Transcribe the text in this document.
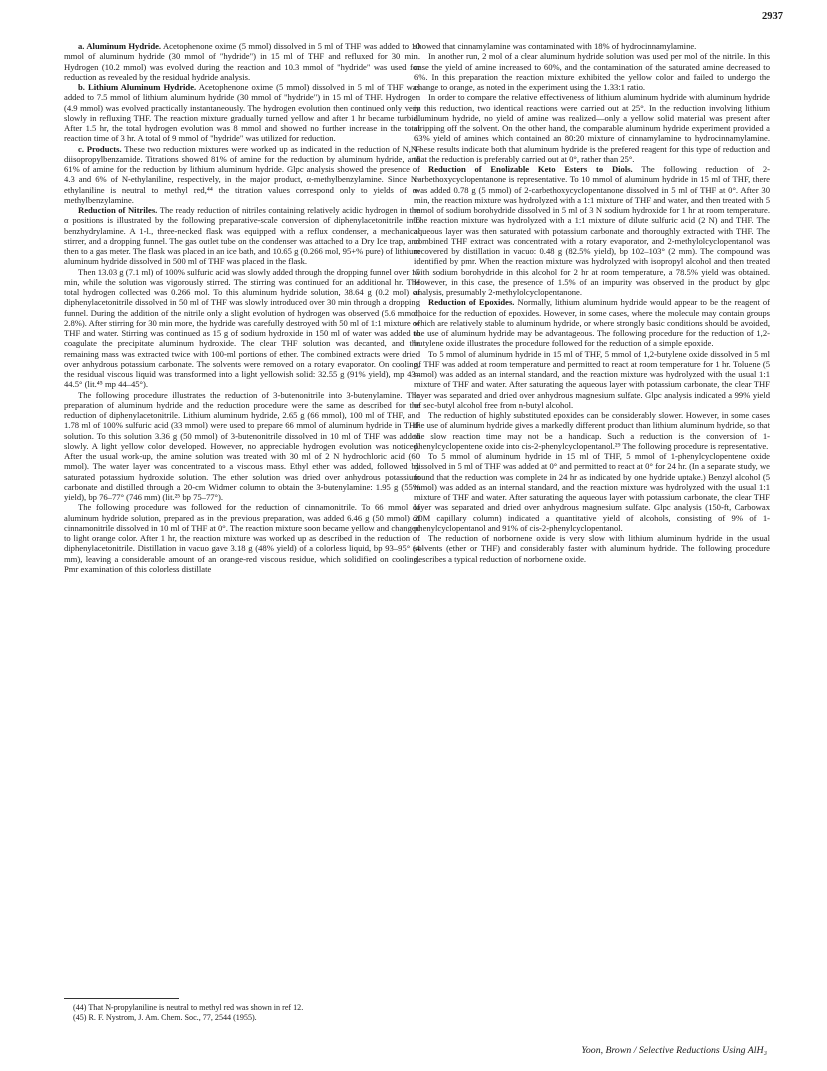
2937

a. Aluminum Hydride. Acetophenone oxime (5 mmol) dissolved in 5 ml of THF was added to 10 mmol of aluminum hydride (30 mmol of "hydride") in 15 ml of THF and refluxed for 30 min. Hydrogen (10.2 mmol) was evolved during the reaction and 10.3 mmol of "hydride" was used for reduction as revealed by the residual hydride analysis.

b. Lithium Aluminum Hydride. Acetophenone oxime (5 mmol) dissolved in 5 ml of THF was added to 7.5 mmol of lithium aluminum hydride (30 mmol of "hydride") in 15 ml of THF. Hydrogen (4.9 mmol) was evolved practically instantaneously. The hydrogen evolution then continued only very slowly in refluxing THF. The reaction mixture gradually turned yellow and after 1 hr became turbid. After 1.5 hr, the total hydrogen evolution was 8 mmol and showed no further increase in the total reaction time of 3 hr. A total of 9 mmol of "hydride" was utilized for reduction.

c. Products. These two reduction mixtures were worked up as indicated in the reduction of N,N-diisopropylbenzamide. Titrations showed 81% of amine for the reduction by aluminum hydride, and 61% of amine for the reduction by lithium aluminum hydride. Glpc analysis showed the presence of 4.3 and 6% of N-ethylaniline, respectively, in the major product, α-methylbenzylamine. Since N-ethylaniline is neutral to methyl red,⁴⁴ the titration values correspond only to yields of α-methylbenzylamine.

Reduction of Nitriles. The ready reduction of nitriles containing relatively acidic hydrogen in the α positions is illustrated by the following preparative-scale conversion of diphenylacetonitrile into benzhydrylamine. A 1-l., three-necked flask was equipped with a reflux condenser, a mechanical stirrer, and a dropping funnel. The gas outlet tube on the condenser was attached to a Dry Ice trap, and then to a gas meter. The flask was placed in an ice bath, and 10.65 g (0.266 mol, 95+% pure) of lithium aluminum hydride dissolved in 500 ml of THF was placed in the flask.

Then 13.03 g (7.1 ml) of 100% sulfuric acid was slowly added through the dropping funnel over 15 min, while the solution was vigorously stirred. The stirring was continued for an additional hr. The total hydrogen collected was 0.266 mol. To this aluminum hydride solution, 38.64 g (0.2 mol) of diphenylacetonitrile dissolved in 50 ml of THF was slowly introduced over 30 min through a dropping funnel. During the addition of the nitrile only a slight evolution of hydrogen was observed (5.6 mmol, 2.8%). After stirring for 30 min more, the hydride was carefully destroyed with 50 ml of 1:1 mixture of THF and water. Stirring was continued as 15 g of sodium hydroxide in 150 ml of water was added to coagulate the precipitate aluminum hydroxide. The clear THF solution was decanted, and the remaining mass was extracted twice with 100-ml portions of ether. The combined extracts were dried over anhydrous potassium carbonate. The solvents were removed on a rotary evaporator. On cooling, the residual viscous liquid was transformed into a light yellowish solid: 32.55 g (91% yield), mp 43–44.5° (lit.⁴⁵ mp 44–45°).

The following procedure illustrates the reduction of 3-butenonitrile into 3-butenylamine. The preparation of aluminum hydride and the reduction procedure were the same as described for the reduction of diphenylacetonitrile. Lithium aluminum hydride, 2.65 g (66 mmol), 100 ml of THF, and 1.78 ml of 100% sulfuric acid (33 mmol) were used to prepare 66 mmol of aluminum hydride in THF solution. To this solution 3.36 g (50 mmol) of 3-butenonitrile dissolved in 10 ml of THF was added slowly. A light yellow color developed. However, no appreciable hydrogen evolution was noticed. After the usual work-up, the amine solution was treated with 30 ml of 2 N hydrochloric acid (60 mmol). The water layer was concentrated to a viscous mass. Ethyl ether was added, followed by saturated potassium hydroxide solution. The ether solution was dried over anhydrous potassium carbonate and distilled through a 20-cm Widmer column to obtain the 3-butenylamine: 1.95 g (55% yield), bp 76–77° (746 mm) (lit.²⁵ bp 75–77°).

The following procedure was followed for the reduction of cinnamonitrile. To 66 mmol of aluminum hydride solution, prepared as in the previous preparation, was added 6.46 g (50 mmol) of cinnamonitrile dissolved in 10 ml of THF at 0°. The reaction mixture soon became yellow and changed to light orange color. After 1 hr, the reaction mixture was worked up as described in the reduction of diphenylacetonitrile. Distillation in vacuo gave 3.18 g (48% yield) of a colorless liquid, bp 93–95° (4 mm), leaving a considerable amount of an orange-red viscous residue, which solidified on cooling. Pmr examination of this colorless distillate

showed that cinnamylamine was contaminated with 18% of hydrocinnamylamine.

In another run, 2 mol of a clear aluminum hydride solution was used per mol of the nitrile. In this case the yield of amine increased to 60%, and the contamination of the saturated amine decreased to 6%. In this preparation the reaction mixture exhibited the yellow color and failed to undergo the change to orange, as noted in the experiment using the 1.33:1 ratio.

In order to compare the relative effectiveness of lithium aluminum hydride with aluminum hydride in this reduction, two identical reactions were carried out at 25°. In the reduction involving lithium aluminum hydride, no yield of amine was realized—only a yellow solid material was present after stripping off the solvent. On the other hand, the comparable aluminum hydride experiment provided a 63% yield of amines which contained an 80:20 mixture of cinnamylamine to hydrocinnamylamine. These results indicate both that aluminum hydride is the prefered reagent for this type of reduction and that the reduction is preferably carried out at 0°, rather than 25°.

Reduction of Enolizable Keto Esters to Diols. The following reduction of 2-carbethoxycyclopentanone is representative. To 10 mmol of aluminum hydride in 15 ml of THF, there was added 0.78 g (5 mmol) of 2-carbethoxycyclopentanone dissolved in 5 ml of THF at 0°. After 30 min, the reaction mixture was hydrolyzed with a 1:1 mixture of THF and water, and then treated with 5 mmol of sodium borohydride dissolved in 5 ml of 3 N sodium hydroxide for 1 hr at room temperature. The reaction mixture was hydrolyzed with a 1:1 mixture of dilute sulfuric acid (2 N) and THF. The aqueous layer was then saturated with potassium carbonate and thoroughly extracted with THF. The combined THF extract was concentrated with a rotary evaporator, and 2-methylolcyclopentanol was recovered by distillation in vacuo: 0.48 g (82.5% yield), bp 102–103° (2 mm). The compound was identified by pmr. When the reaction mixture was hydrolyzed with isopropyl alcohol and then treated with sodium borohydride in this alcohol for 2 hr at room temperature, a 78.5% yield was obtained. However, in this case, the presence of 1.5% of an impurity was observed in the product by glpc analysis, presumably 2-methylolcyclopentanone.

Reduction of Epoxides. Normally, lithium aluminum hydride would appear to be the reagent of choice for the reduction of epoxides. However, in some cases, where the molecule may contain groups which are relatively stable to aluminum hydride, or where strongly basic conditions should be avoided, the use of aluminum hydride may be advantageous. The following procedure for the reduction of 1,2-butylene oxide illustrates the procedure followed for the reduction of a simple epoxide.

To 5 mmol of aluminum hydride in 15 ml of THF, 5 mmol of 1,2-butylene oxide dissolved in 5 ml of THF was added at room temperature and permitted to react at room temperature for 1 hr. Toluene (5 mmol) was added as an internal standard, and the reaction mixture was hydrolyzed with the usual 1:1 mixture of THF and water. After saturating the aqueous layer with potassium carbonate, the clear THF layer was separated and dried over anhydrous magnesium sulfate. Glpc analysis indicated a 99% yield of sec-butyl alcohol free from n-butyl alcohol.

The reduction of highly substituted epoxides can be considerably slower. However, in some cases the use of aluminum hydride gives a markedly different product than lithium aluminum hydride, so that the slow reaction time may not be a handicap. Such a reduction is the conversion of 1-phenylcyclopentene oxide into cis-2-phenylcyclopentanol.²⁹ The following procedure is representative.

To 5 mmol of aluminum hydride in 15 ml of THF, 5 mmol of 1-phenylcyclopentene oxide dissolved in 5 ml of THF was added at 0° and permitted to react at 0° for 24 hr. (In a separate study, we found that the reduction was complete in 24 hr as indicated by one hydride uptake.) Benzyl alcohol (5 mmol) was added as an internal standard, and the reaction mixture was hydrolyzed with the usual 1:1 mixture of THF and water. After saturating the aqueous layer with potassium carbonate, the clear THF layer was separated and dried over anhydrous magnesium sulfate. Glpc analysis (150-ft, Carbowax 20M capillary column) indicated a quantitative yield of alcohols, consisting of 9% of 1-phenylcyclopentanol and 91% of cis-2-phenylcyclopentanol.

The reduction of norbornene oxide is very slow with lithium aluminum hydride in the usual solvents (ether or THF) and considerably faster with aluminum hydride. The following procedure describes a typical reduction of norbornene oxide.

(44) That N-propylaniline is neutral to methyl red was shown in ref 12.

(45) R. F. Nystrom, J. Am. Chem. Soc., 77, 2544 (1955).

Yoon, Brown / Selective Reductions Using AlH₃
